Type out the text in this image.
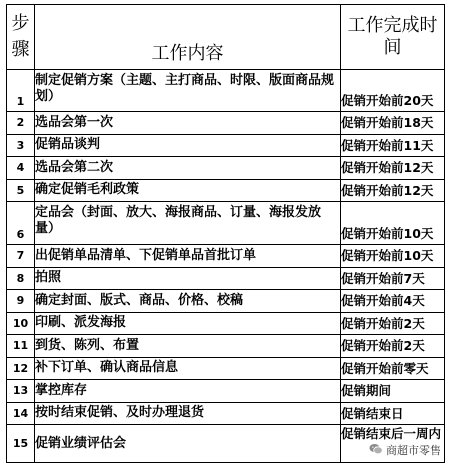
步骤	工作内容	工作完成时间
1	制定促销方案（主题、主打商品、时限、版面商品规划）	促销开始前20天
2	选品会第一次	促销开始前18天
3	促销品谈判	促销开始前11天
4	选品会第二次	促销开始前12天
5	确定促销毛利政策	促销开始前12天
6	定品会（封面、放大、海报商品、订量、海报发放量）	促销开始前10天
7	出促销单品清单、下促销单品首批订单	促销开始前10天
8	拍照	促销开始前7天
9	确定封面、版式、商品、价格、校稿	促销开始前4天
10	印刷、派发海报	促销开始前2天
11	到货、陈列、布置	促销开始前2天
12	补下订单、确认商品信息	促销开始前零天
13	掌控库存	促销期间
14	按时结束促销、及时办理退货	促销结束日
15	促销业绩评估会	促销结束后一周内
商超市零售
